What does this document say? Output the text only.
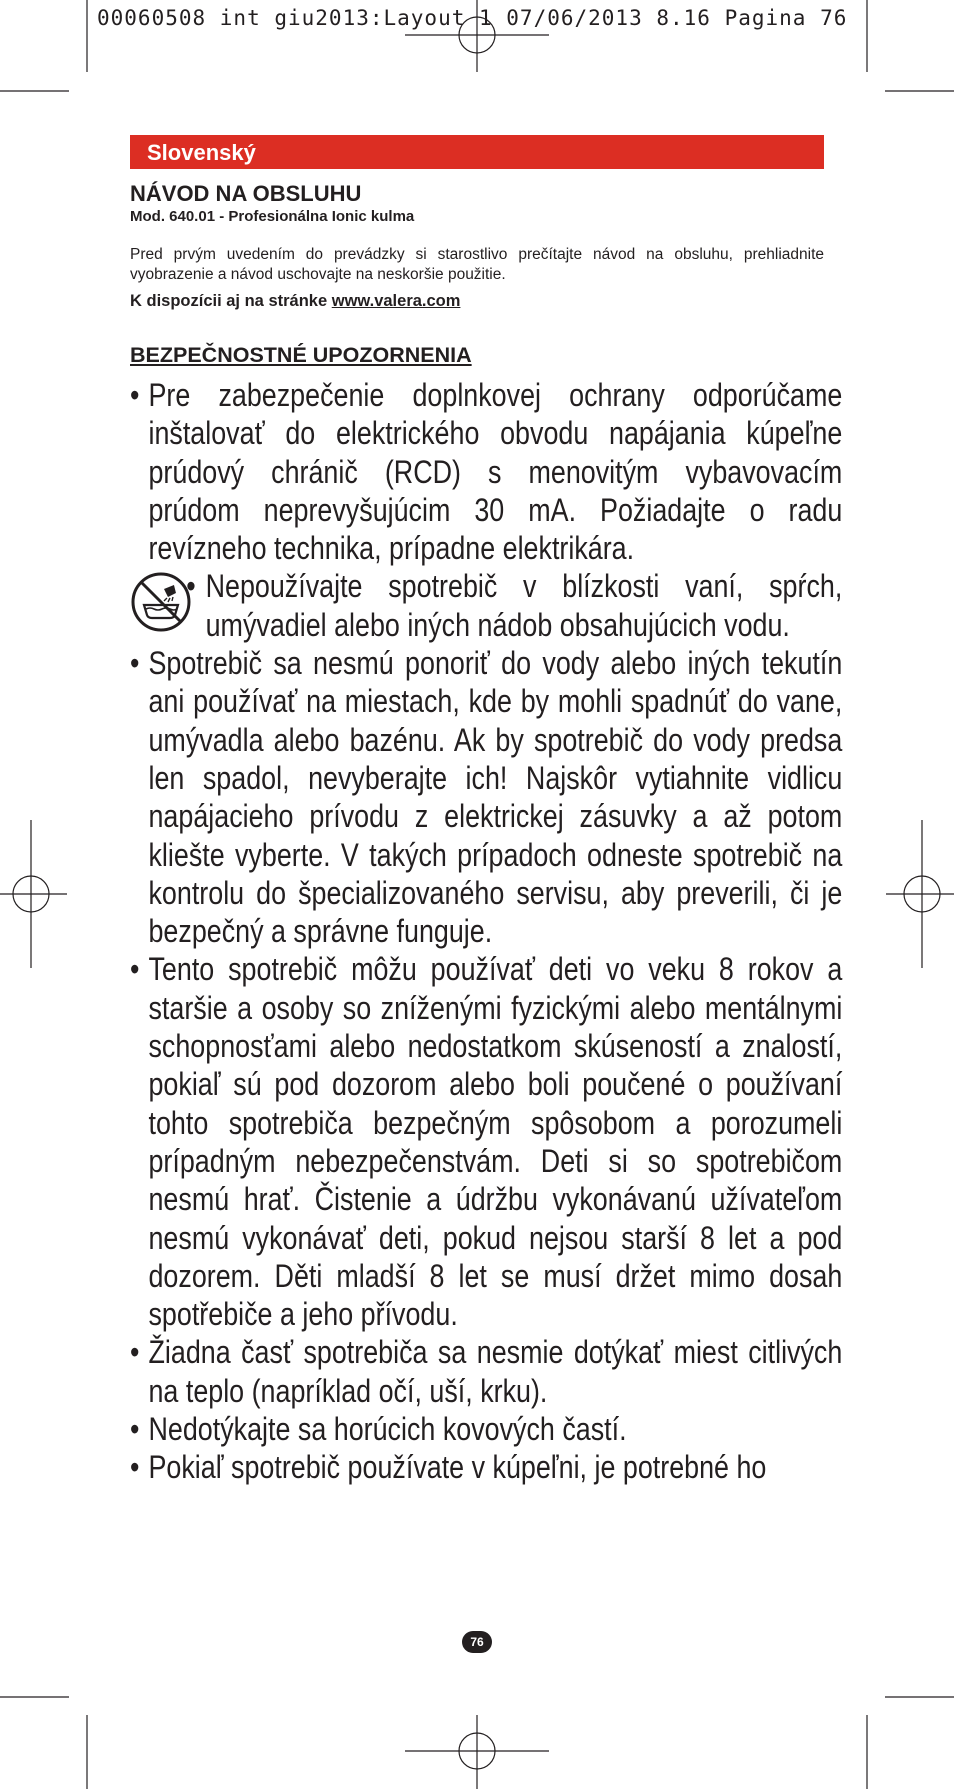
00060508 int giu2013:Layout 1 07/06/2013 8.16 Pagina 76
Slovenský
NÁVOD NA OBSLUHU
Mod. 640.01 - Profesionálna Ionic kulma
Pred prvým uvedením do prevádzky si starostlivo prečítajte návod na obsluhu, prehliadnite vyobrazenie a návod uschovajte na neskoršie použitie.
K dispozícii aj na stránke www.valera.com
BEZPEČNOSTNÉ UPOZORNENIA
• Pre zabezpečenie doplnkovej ochrany odporúčame inštalovať do elektrického obvodu napájania kúpeľne prúdový chránič (RCD) s menovitým vybavovacím prúdom neprevyšujúcim 30 mA. Požiadajte o radu revízneho technika, prípadne elektrikára.
• Nepoužívajte spotrebič v blízkosti vaní, spŕch, umývadiel alebo iných nádob obsahujúcich vodu.
• Spotrebič sa nesmú ponoriť do vody alebo iných tekutín ani používať na miestach, kde by mohli spadnúť do vane, umývadla alebo bazénu. Ak by spotrebič do vody predsa len spadol, nevyberajte ich! Najskôr vytiahnite vidlicu napájacieho prívodu z elektrickej zásuvky a až potom kliešte vyberte. V takých prípadoch odneste spotrebič na kontrolu do špecializovaného servisu, aby preverili, či je bezpečný a správne funguje.
• Tento spotrebič môžu používať deti vo veku 8 rokov a staršie a osoby so zníženými fyzickými alebo mentálnymi schopnosťami alebo nedostatkom skúseností a znalostí, pokiaľ sú pod dozorom alebo boli poučené o používaní tohto spotrebiča bezpečným spôsobom a porozumeli prípadným nebezpečenstvám. Deti si so spotrebičom nesmú hrať. Čistenie a údržbu vykonávanú užívateľom nesmú vykonávať deti, pokud nejsou starší 8 let a pod dozorem. Děti mladší 8 let se musí držet mimo dosah spotřebiče a jeho přívodu.
• Žiadna časť spotrebiča sa nesmie dotýkať miest citlivých na teplo (napríklad očí, uší, krku).
• Nedotýkajte sa horúcich kovových častí.
• Pokiaľ spotrebič používate v kúpeľni, je potrebné ho
76
